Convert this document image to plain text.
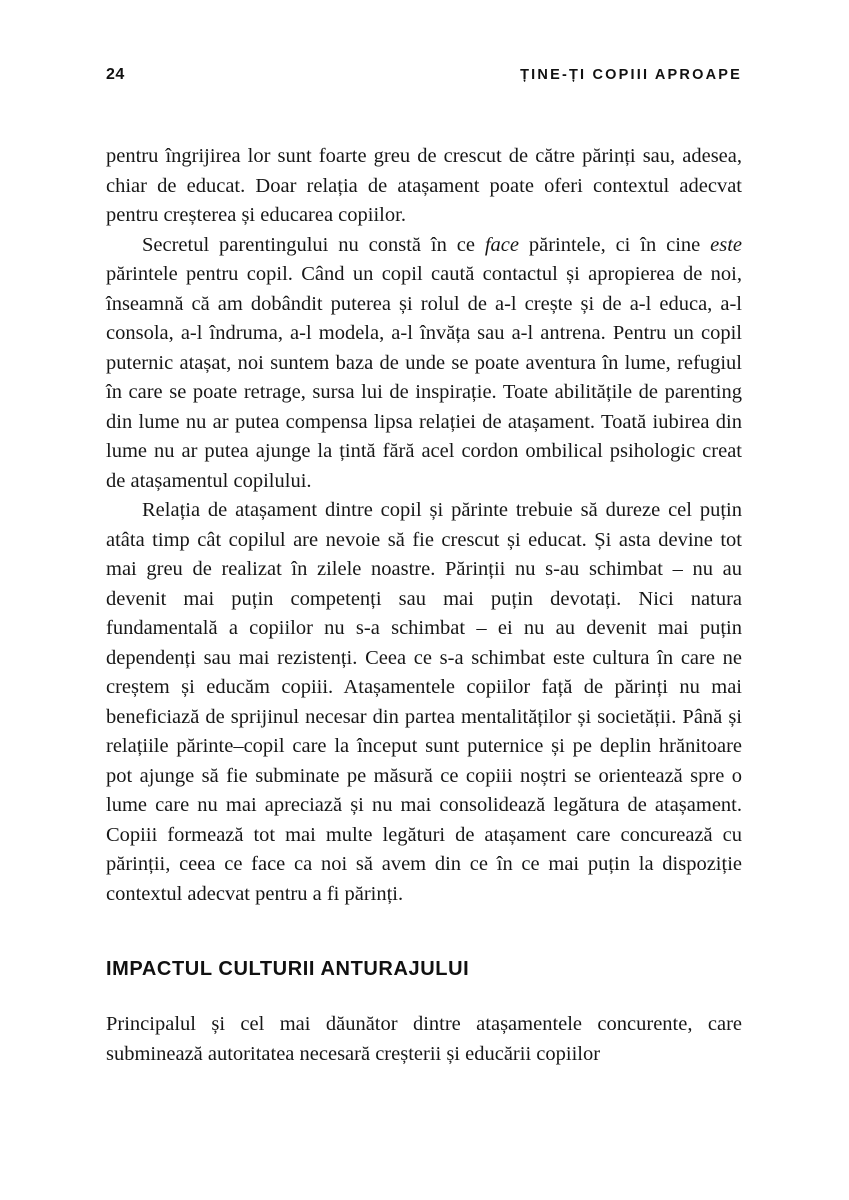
24	ȚINE-ȚI COPIII APROAPE

pentru îngrijirea lor sunt foarte greu de crescut de către părinți sau, adesea, chiar de educat. Doar relația de atașament poate oferi contextul adecvat pentru creșterea și educarea copiilor.

Secretul parentingului nu constă în ce face părintele, ci în cine este părintele pentru copil. Când un copil caută contactul și apropierea de noi, înseamnă că am dobândit puterea și rolul de a-l crește și de a-l educa, a-l consola, a-l îndruma, a-l modela, a-l învăța sau a-l antrena. Pentru un copil puternic atașat, noi suntem baza de unde se poate aventura în lume, refugiul în care se poate retrage, sursa lui de inspirație. Toate abilitățile de parenting din lume nu ar putea compensa lipsa relației de atașament. Toată iubirea din lume nu ar putea ajunge la țintă fără acel cordon ombilical psihologic creat de atașamentul copilului.

Relația de atașament dintre copil și părinte trebuie să dureze cel puțin atâta timp cât copilul are nevoie să fie crescut și educat. Și asta devine tot mai greu de realizat în zilele noastre. Părinții nu s-au schimbat – nu au devenit mai puțin competenți sau mai puțin devotați. Nici natura fundamentală a copiilor nu s-a schimbat – ei nu au devenit mai puțin dependenți sau mai rezistenți. Ceea ce s-a schimbat este cultura în care ne creștem și educăm copiii. Atașamentele copiilor față de părinți nu mai beneficiază de sprijinul necesar din partea mentalităților și societății. Până și relațiile părinte–copil care la început sunt puternice și pe deplin hrănitoare pot ajunge să fie subminate pe măsură ce copiii noștri se orientează spre o lume care nu mai apreciază și nu mai consolidează legătura de atașament. Copiii formează tot mai multe legături de atașament care concurează cu părinții, ceea ce face ca noi să avem din ce în ce mai puțin la dispoziție contextul adecvat pentru a fi părinți.

IMPACTUL CULTURII ANTURAJULUI

Principalul și cel mai dăunător dintre atașamentele concurente, care subminează autoritatea necesară creșterii și educării copiilor
